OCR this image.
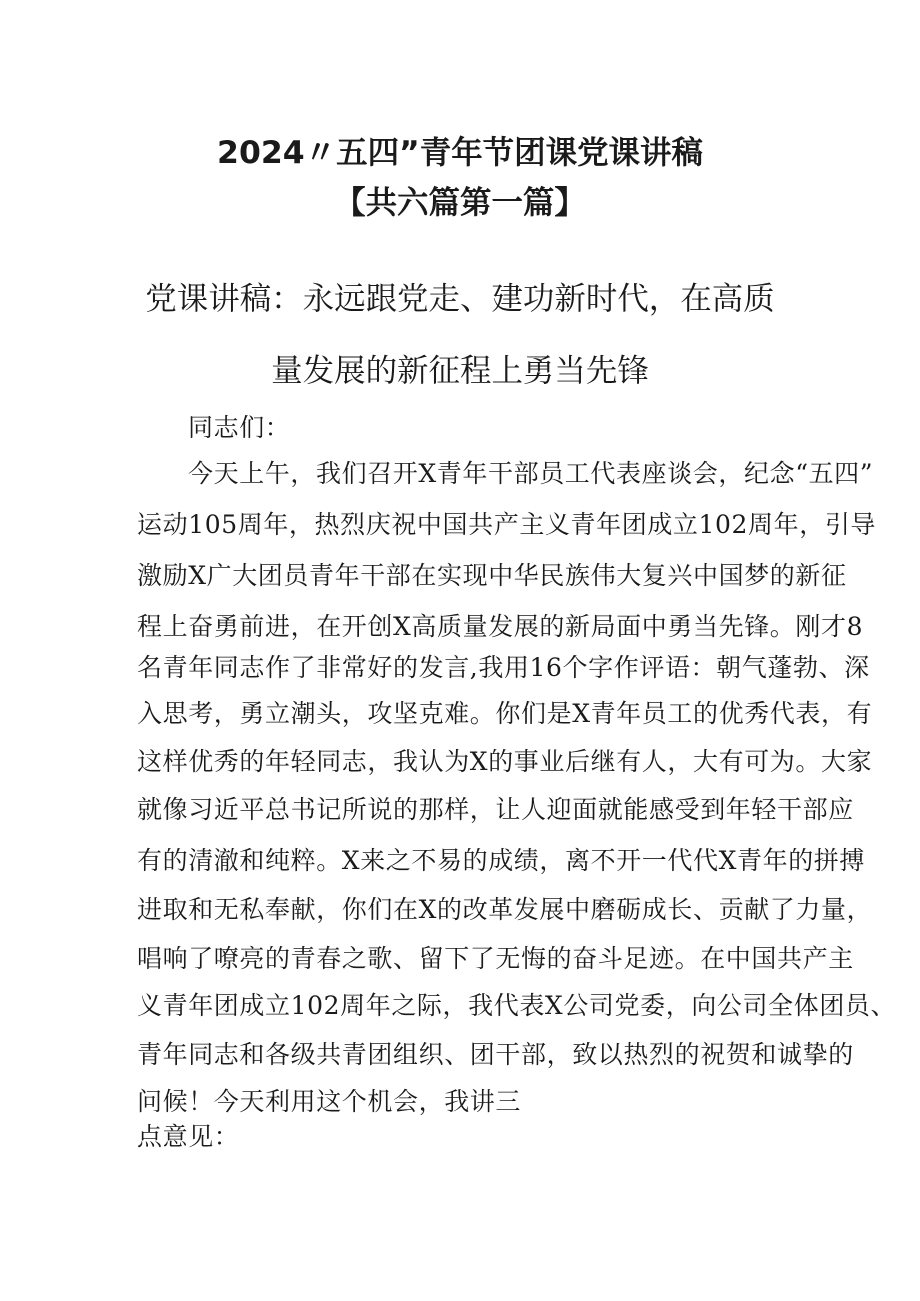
2024〃五四”青年节团课党课讲稿
【共六篇第一篇】
党课讲稿：永远跟党走、建功新时代，在高质
量发展的新征程上勇当先锋
同志们：
今天上午，我们召开X青年干部员工代表座谈会，纪念“五四”
运动105周年，热烈庆祝中国共产主义青年团成立102周年，引导
激励X广大团员青年干部在实现中华民族伟大复兴中国梦的新征
程上奋勇前进，在开创X高质量发展的新局面中勇当先锋。刚才8
名青年同志作了非常好的发言,我用16个字作评语：朝气蓬勃、深
入思考，勇立潮头，攻坚克难。你们是X青年员工的优秀代表，有
这样优秀的年轻同志，我认为X的事业后继有人，大有可为。大家
就像习近平总书记所说的那样，让人迎面就能感受到年轻干部应
有的清澈和纯粹。X来之不易的成绩，离不开一代代X青年的拼搏
进取和无私奉献，你们在X的改革发展中磨砺成长、贡献了力量，
唱响了嘹亮的青春之歌、留下了无悔的奋斗足迹。在中国共产主
义青年团成立102周年之际，我代表X公司党委，向公司全体团员、
青年同志和各级共青团组织、团干部，致以热烈的祝贺和诚挚的
问候！今天利用这个机会，我讲三
点意见：
